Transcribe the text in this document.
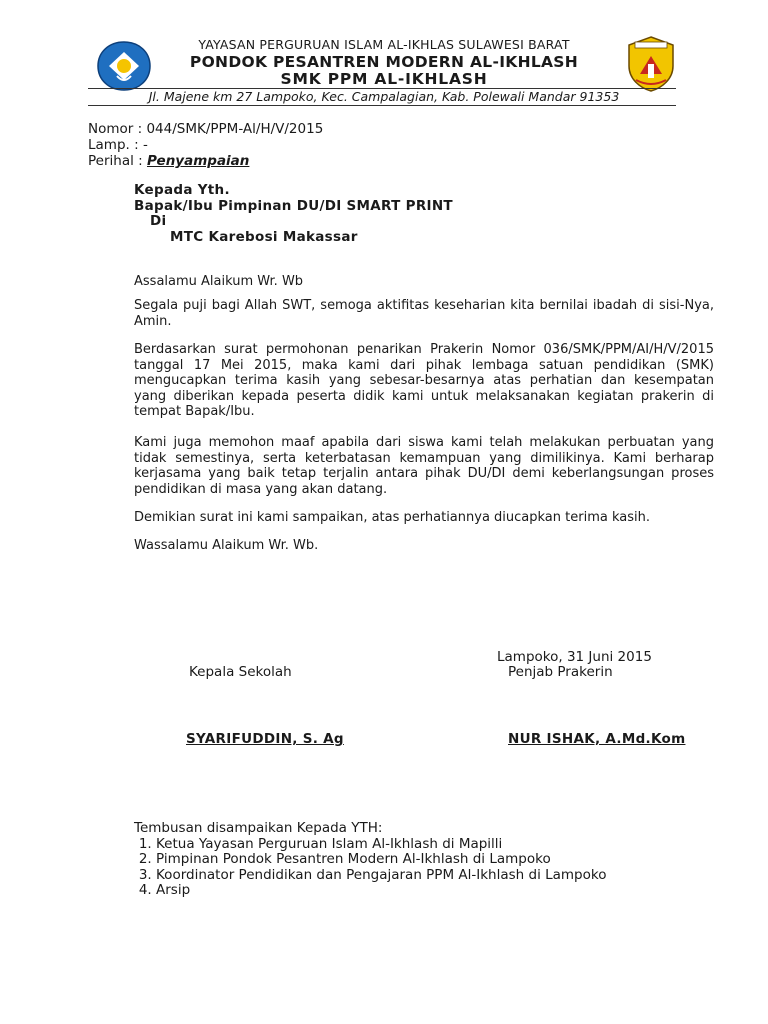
YAYASAN PERGURUAN ISLAM AL-IKHLAS SULAWESI BARAT
PONDOK PESANTREN MODERN AL-IKHLASH
SMK PPM AL-IKHLASH
Jl. Majene km 27 Lampoko, Kec. Campalagian, Kab. Polewali Mandar 91353
Nomor : 044/SMK/PPM-Al/H/V/2015
Lamp. : -
Perihal : Penyampaian
Kepada Yth.
Bapak/Ibu Pimpinan DU/DI SMART PRINT
Di
MTC Karebosi Makassar
Assalamu Alaikum Wr. Wb
Segala puji bagi Allah SWT, semoga aktifitas keseharian kita bernilai ibadah di sisi-Nya, Amin.
Berdasarkan surat permohonan penarikan Prakerin Nomor 036/SMK/PPM/AI/H/V/2015 tanggal 17 Mei 2015, maka kami dari pihak lembaga satuan pendidikan (SMK) mengucapkan terima kasih yang sebesar-besarnya atas perhatian dan kesempatan yang diberikan kepada peserta didik kami untuk melaksanakan kegiatan prakerin di tempat Bapak/Ibu.
Kami juga memohon maaf apabila dari siswa kami telah melakukan perbuatan yang tidak semestinya, serta keterbatasan kemampuan yang dimilikinya. Kami berharap kerjasama yang baik tetap terjalin antara pihak DU/DI demi keberlangsungan proses pendidikan di masa yang akan datang.
Demikian surat ini kami sampaikan, atas perhatiannya diucapkan terima kasih.
Wassalamu Alaikum Wr. Wb.
Lampoko, 31 Juni 2015
Kepala Sekolah	Penjab Prakerin
SYARIFUDDIN, S. Ag	NUR ISHAK, A.Md.Kom
Tembusan disampaikan Kepada YTH:
1. Ketua Yayasan Perguruan Islam Al-Ikhlash di Mapilli
2. Pimpinan Pondok Pesantren Modern Al-Ikhlash di Lampoko
3. Koordinator Pendidikan dan Pengajaran PPM Al-Ikhlash di Lampoko
4. Arsip
